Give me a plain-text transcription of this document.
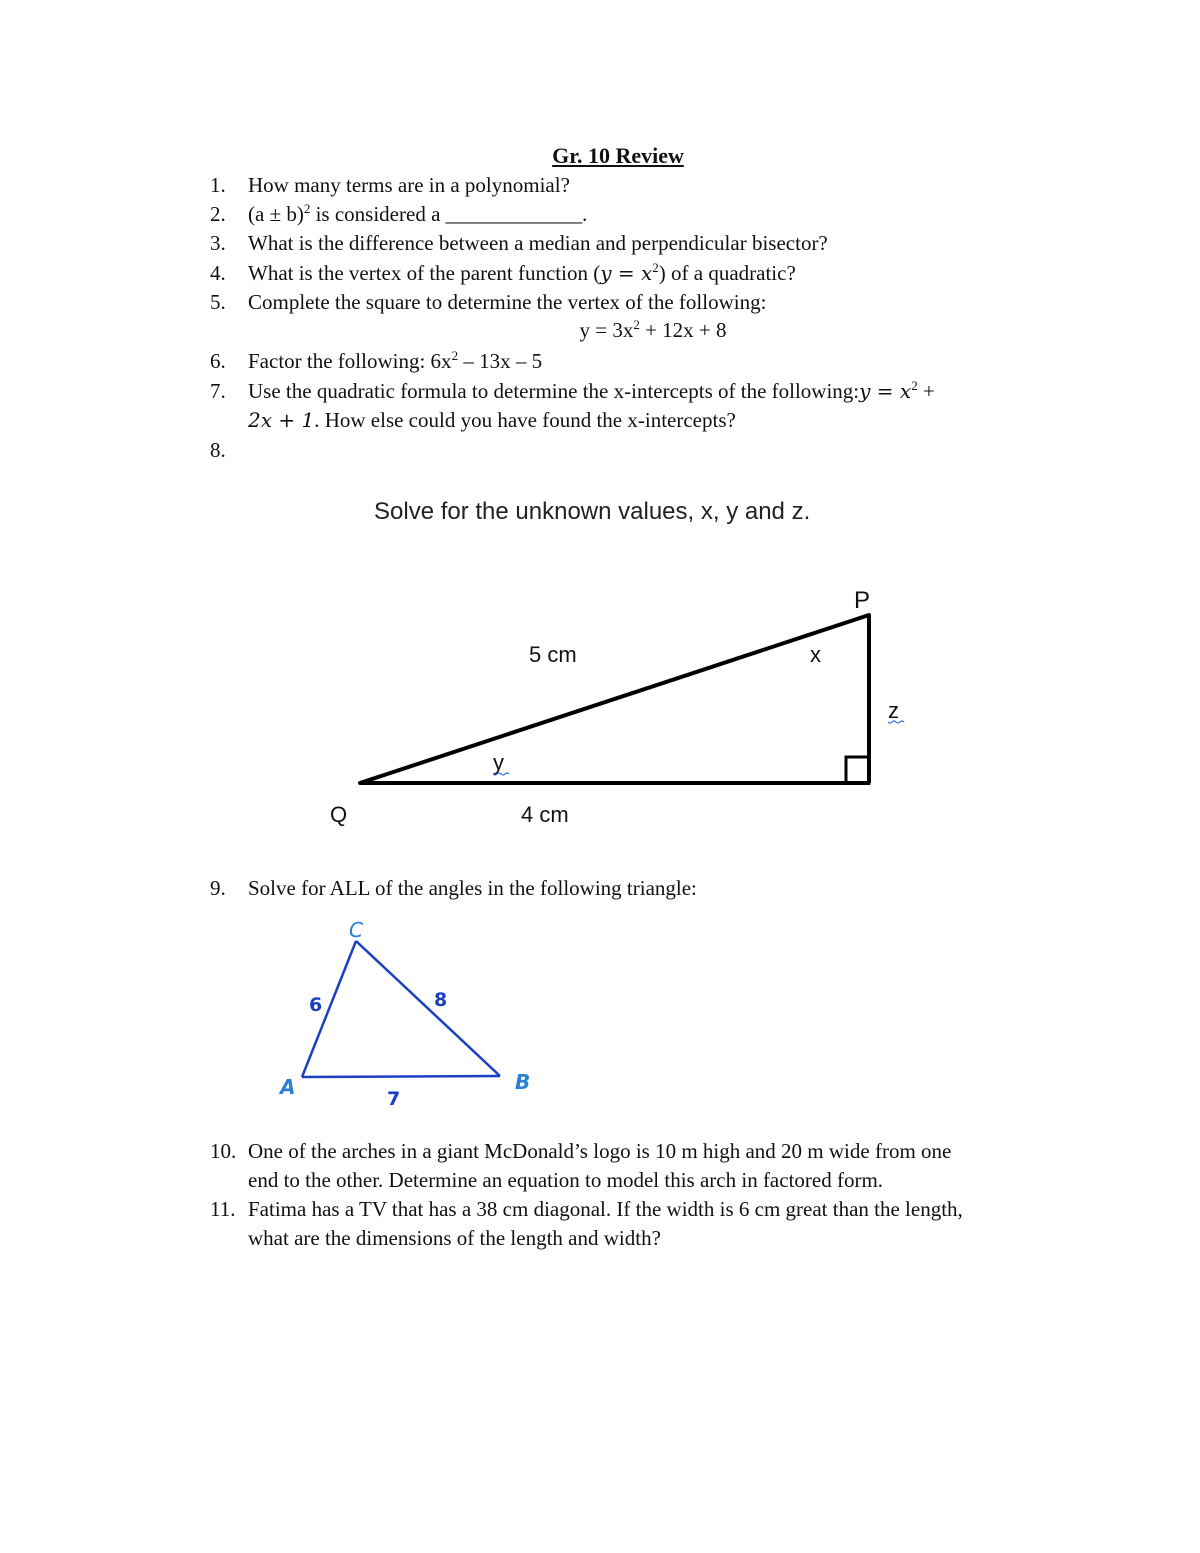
Gr. 10 Review
1. How many terms are in a polynomial?
2. $(a \pm b)^2$ is considered a _____________.
3. What is the difference between a median and perpendicular bisector?
4. What is the vertex of the parent function $(y = x^2)$ of a quadratic?
5. Complete the square to determine the vertex of the following:
$y = 3x^2 + 12x + 8$
6. Factor the following: $6x^2 - 13x - 5$
7. Use the quadratic formula to determine the x-intercepts of the following:y = $x^2$ +
2x + 1. How else could you have found the x-intercepts?
8.
Solve for the unknown values, x, y and z.
P
Q
5 cm
4 cm
x
y
z
C
A	B
6	8
7
9. Solve for ALL of the angles in the following triangle:
10. One of the arches in a giant McDonald’s logo is 10 m high and 20 m wide from one
end to the other. Determine an equation to model this arch in factored form.
11. Fatima has a TV that has a 38 cm diagonal. If the width is 6 cm great than the length,
what are the dimensions of the length and width?
